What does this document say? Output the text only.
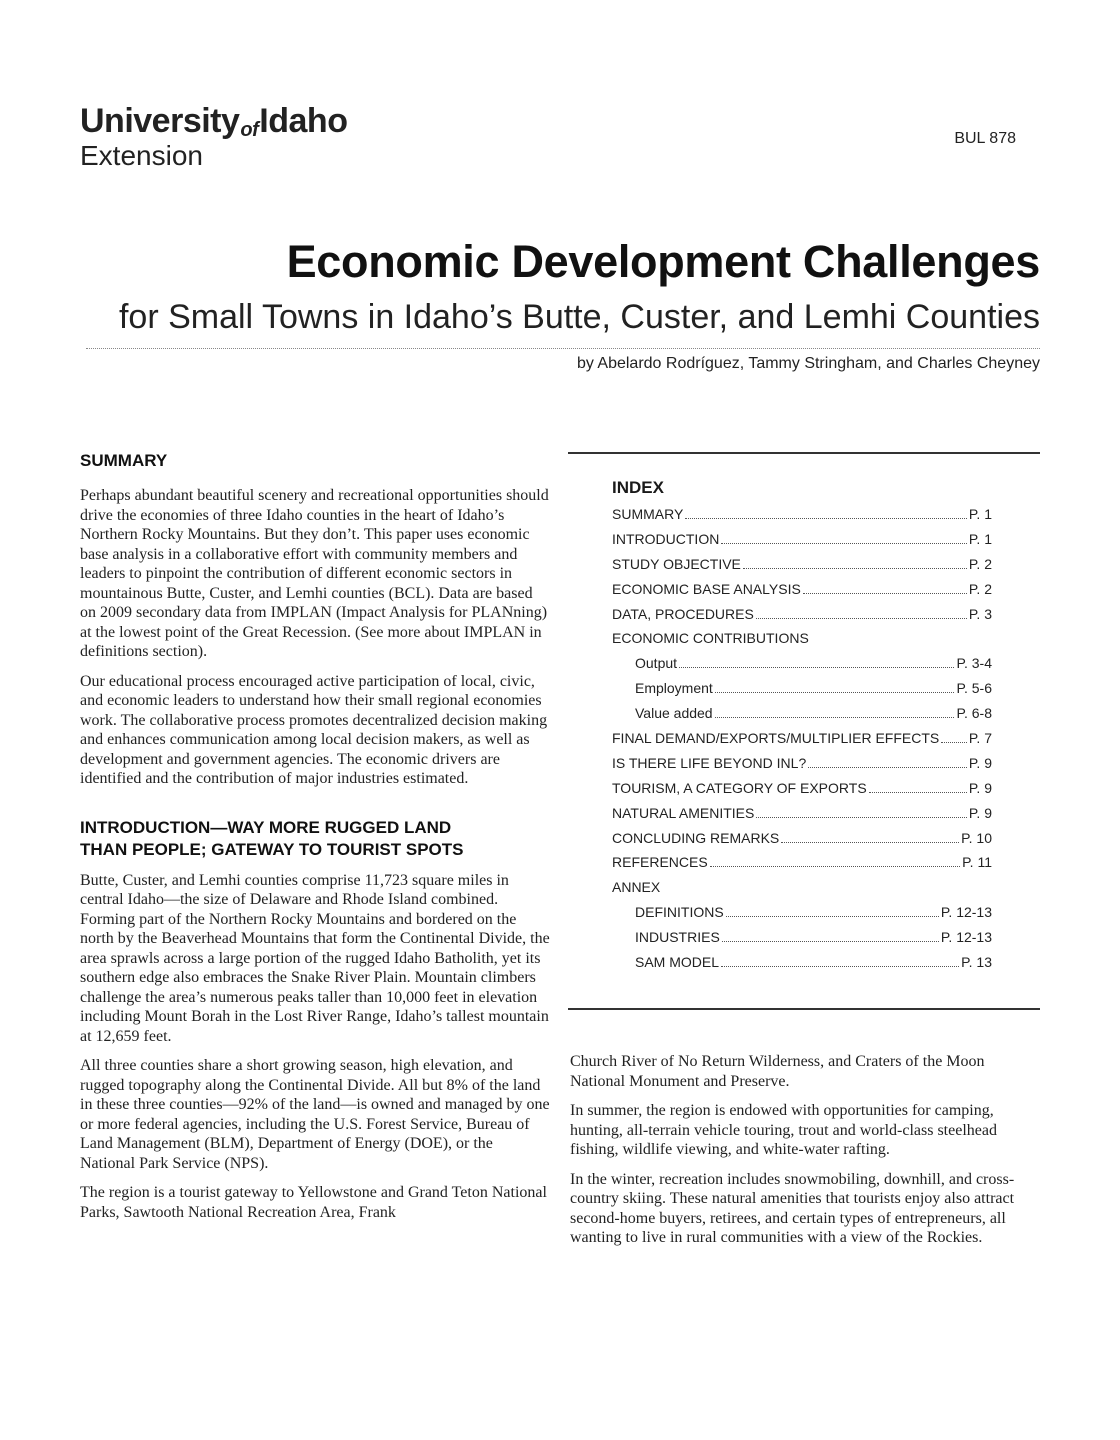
UniversityofIdaho
Extension
BUL 878
Economic Development Challenges
for Small Towns in Idaho’s Butte, Custer, and Lemhi Counties
by Abelardo Rodríguez, Tammy Stringham, and Charles Cheyney
SUMMARY

Perhaps abundant beautiful scenery and recreational opportunities should drive the economies of three Idaho counties in the heart of Idaho’s Northern Rocky Mountains. But they don’t. This paper uses economic base analysis in a collaborative effort with community members and leaders to pinpoint the contribution of different economic sectors in mountainous Butte, Custer, and Lemhi counties (BCL). Data are based on 2009 secondary data from IMPLAN (Impact Analysis for PLANning) at the lowest point of the Great Recession. (See more about IMPLAN in definitions section).

Our educational process encouraged active participation of local, civic, and economic leaders to understand how their small regional economies work. The collaborative process promotes decentralized decision making and enhances communication among local decision makers, as well as development and government agencies. The economic drivers are identified and the contribution of major industries estimated.

INTRODUCTION—WAY MORE RUGGED LAND
THAN PEOPLE; GATEWAY TO TOURIST SPOTS

Butte, Custer, and Lemhi counties comprise 11,723 square miles in central Idaho—the size of Delaware and Rhode Island combined. Forming part of the Northern Rocky Mountains and bordered on the north by the Beaverhead Mountains that form the Continental Divide, the area sprawls across a large portion of the rugged Idaho Batholith, yet its southern edge also embraces the Snake River Plain. Mountain climbers challenge the area’s numerous peaks taller than 10,000 feet in elevation including Mount Borah in the Lost River Range, Idaho’s tallest mountain at 12,659 feet.

All three counties share a short growing season, high elevation, and rugged topography along the Continental Divide. All but 8% of the land in these three counties—92% of the land—is owned and managed by one or more federal agencies, including the U.S. Forest Service, Bureau of Land Management (BLM), Department of Energy (DOE), or the National Park Service (NPS).

The region is a tourist gateway to Yellowstone and Grand Teton National Parks, Sawtooth National Recreation Area, Frank

INDEX
SUMMARY	P. 1
INTRODUCTION	P. 1
STUDY OBJECTIVE	P. 2
ECONOMIC BASE ANALYSIS	P. 2
DATA, PROCEDURES	P. 3
ECONOMIC CONTRIBUTIONS
Output	P. 3-4
Employment	P. 5-6
Value added	P. 6-8
FINAL DEMAND/EXPORTS/MULTIPLIER EFFECTS P. 7
IS THERE LIFE BEYOND INL?	P. 9
TOURISM, A CATEGORY OF EXPORTS	P. 9
NATURAL AMENITIES	P. 9
CONCLUDING REMARKS	P. 10
REFERENCES	P. 11
ANNEX
DEFINITIONS	P. 12-13
INDUSTRIES	P. 12-13
SAM MODEL	P. 13

Church River of No Return Wilderness, and Craters of the Moon National Monument and Preserve.

In summer, the region is endowed with opportunities for camping, hunting, all-terrain vehicle touring, trout and world-class steelhead fishing, wildlife viewing, and white-water rafting.

In the winter, recreation includes snowmobiling, downhill, and cross-country skiing. These natural amenities that tourists enjoy also attract second-home buyers, retirees, and certain types of entrepreneurs, all wanting to live in rural communities with a view of the Rockies.
